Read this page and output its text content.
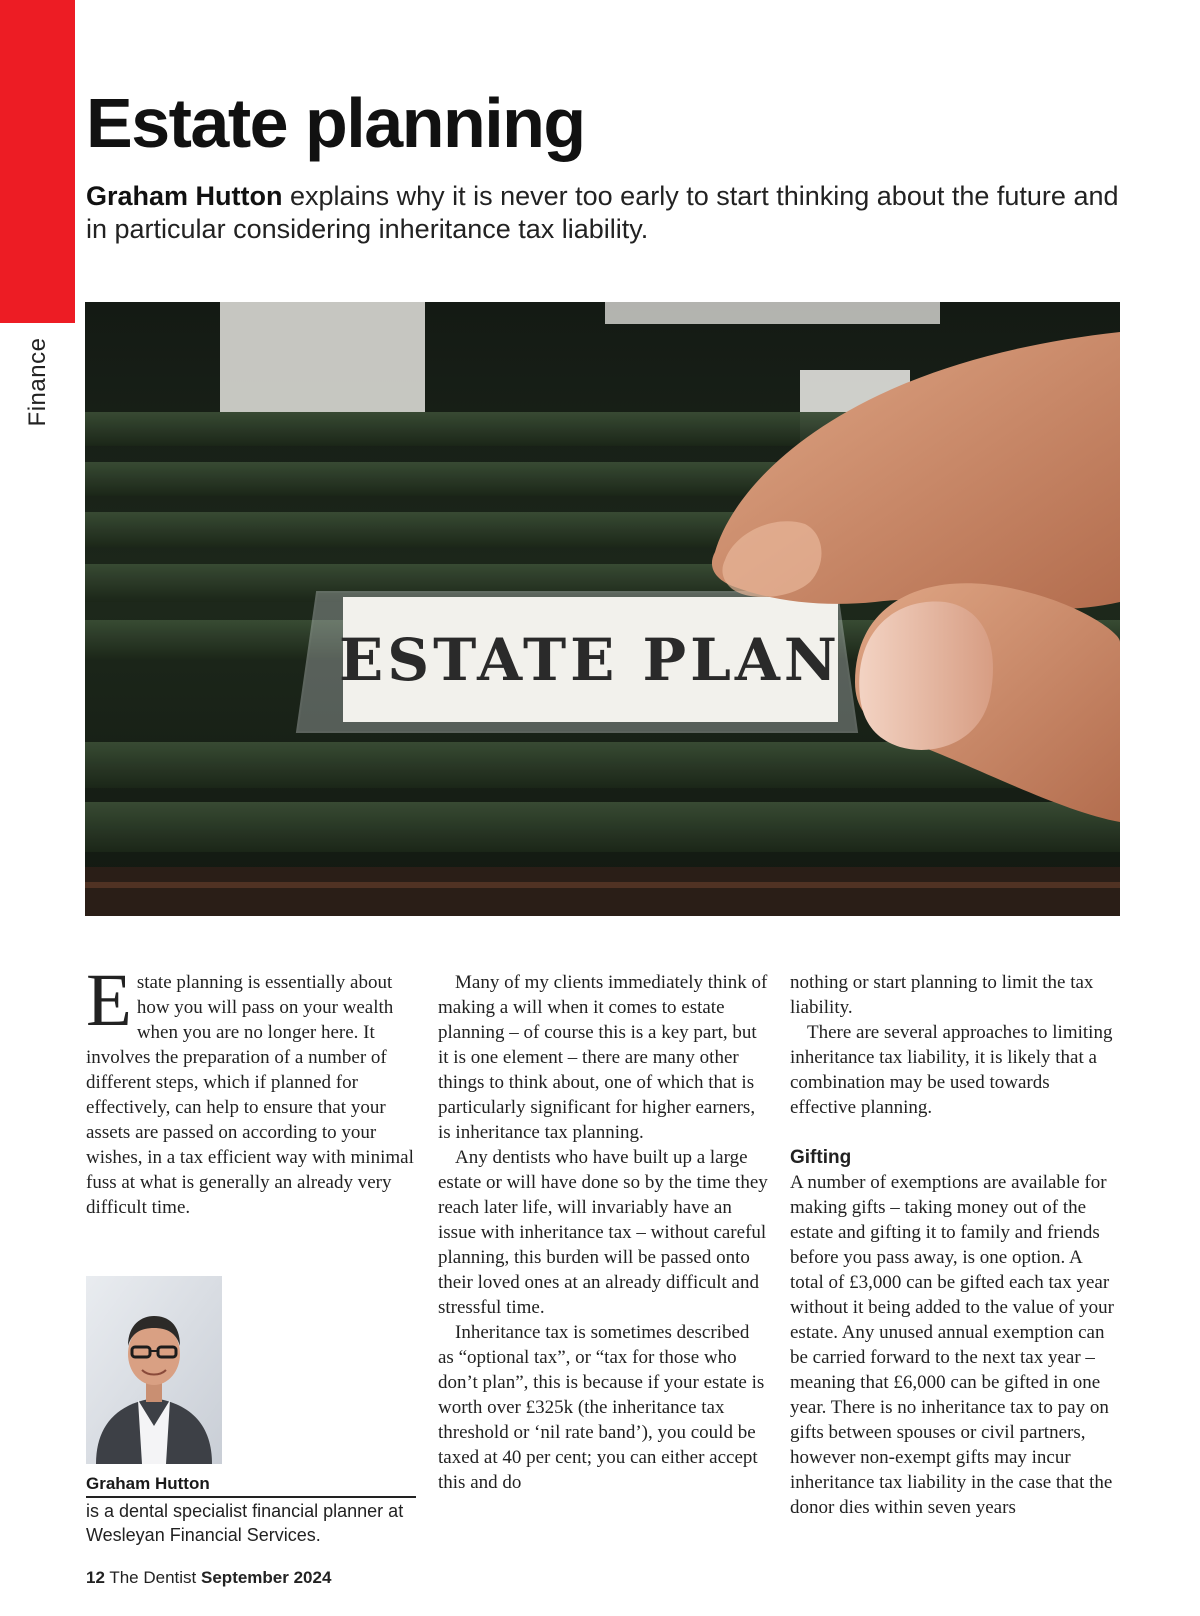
Finance
Estate planning

Graham Hutton explains why it is never too early to start thinking about the future and in particular considering inheritance tax liability.

ESTATE PLAN

Estate planning is essentially about how you will pass on your wealth when you are no longer here. It involves the preparation of a number of different steps, which if planned for effectively, can help to ensure that your assets are passed on according to your wishes, in a tax efficient way with minimal fuss at what is generally an already very difficult time.

Many of my clients immediately think of making a will when it comes to estate planning – of course this is a key part, but it is one element – there are many other things to think about, one of which that is particularly significant for higher earners, is inheritance tax planning.

Any dentists who have built up a large estate or will have done so by the time they reach later life, will invariably have an issue with inheritance tax – without careful planning, this burden will be passed onto their loved ones at an already difficult and stressful time.

Inheritance tax is sometimes described as “optional tax”, or “tax for those who don’t plan”, this is because if your estate is worth over £325k (the inheritance tax threshold or ‘nil rate band’), you could be taxed at 40 per cent; you can either accept this and do

nothing or start planning to limit the tax liability.

There are several approaches to limiting inheritance tax liability, it is likely that a combination may be used towards effective planning.

Gifting

A number of exemptions are available for making gifts – taking money out of the estate and gifting it to family and friends before you pass away, is one option. A total of £3,000 can be gifted each tax year without it being added to the value of your estate. Any unused annual exemption can be carried forward to the next tax year – meaning that £6,000 can be gifted in one year. There is no inheritance tax to pay on gifts between spouses or civil partners, however non-exempt gifts may incur inheritance tax liability in the case that the donor dies within seven years

Graham Hutton

is a dental specialist financial planner at Wesleyan Financial Services.

12 The Dentist September 2024
